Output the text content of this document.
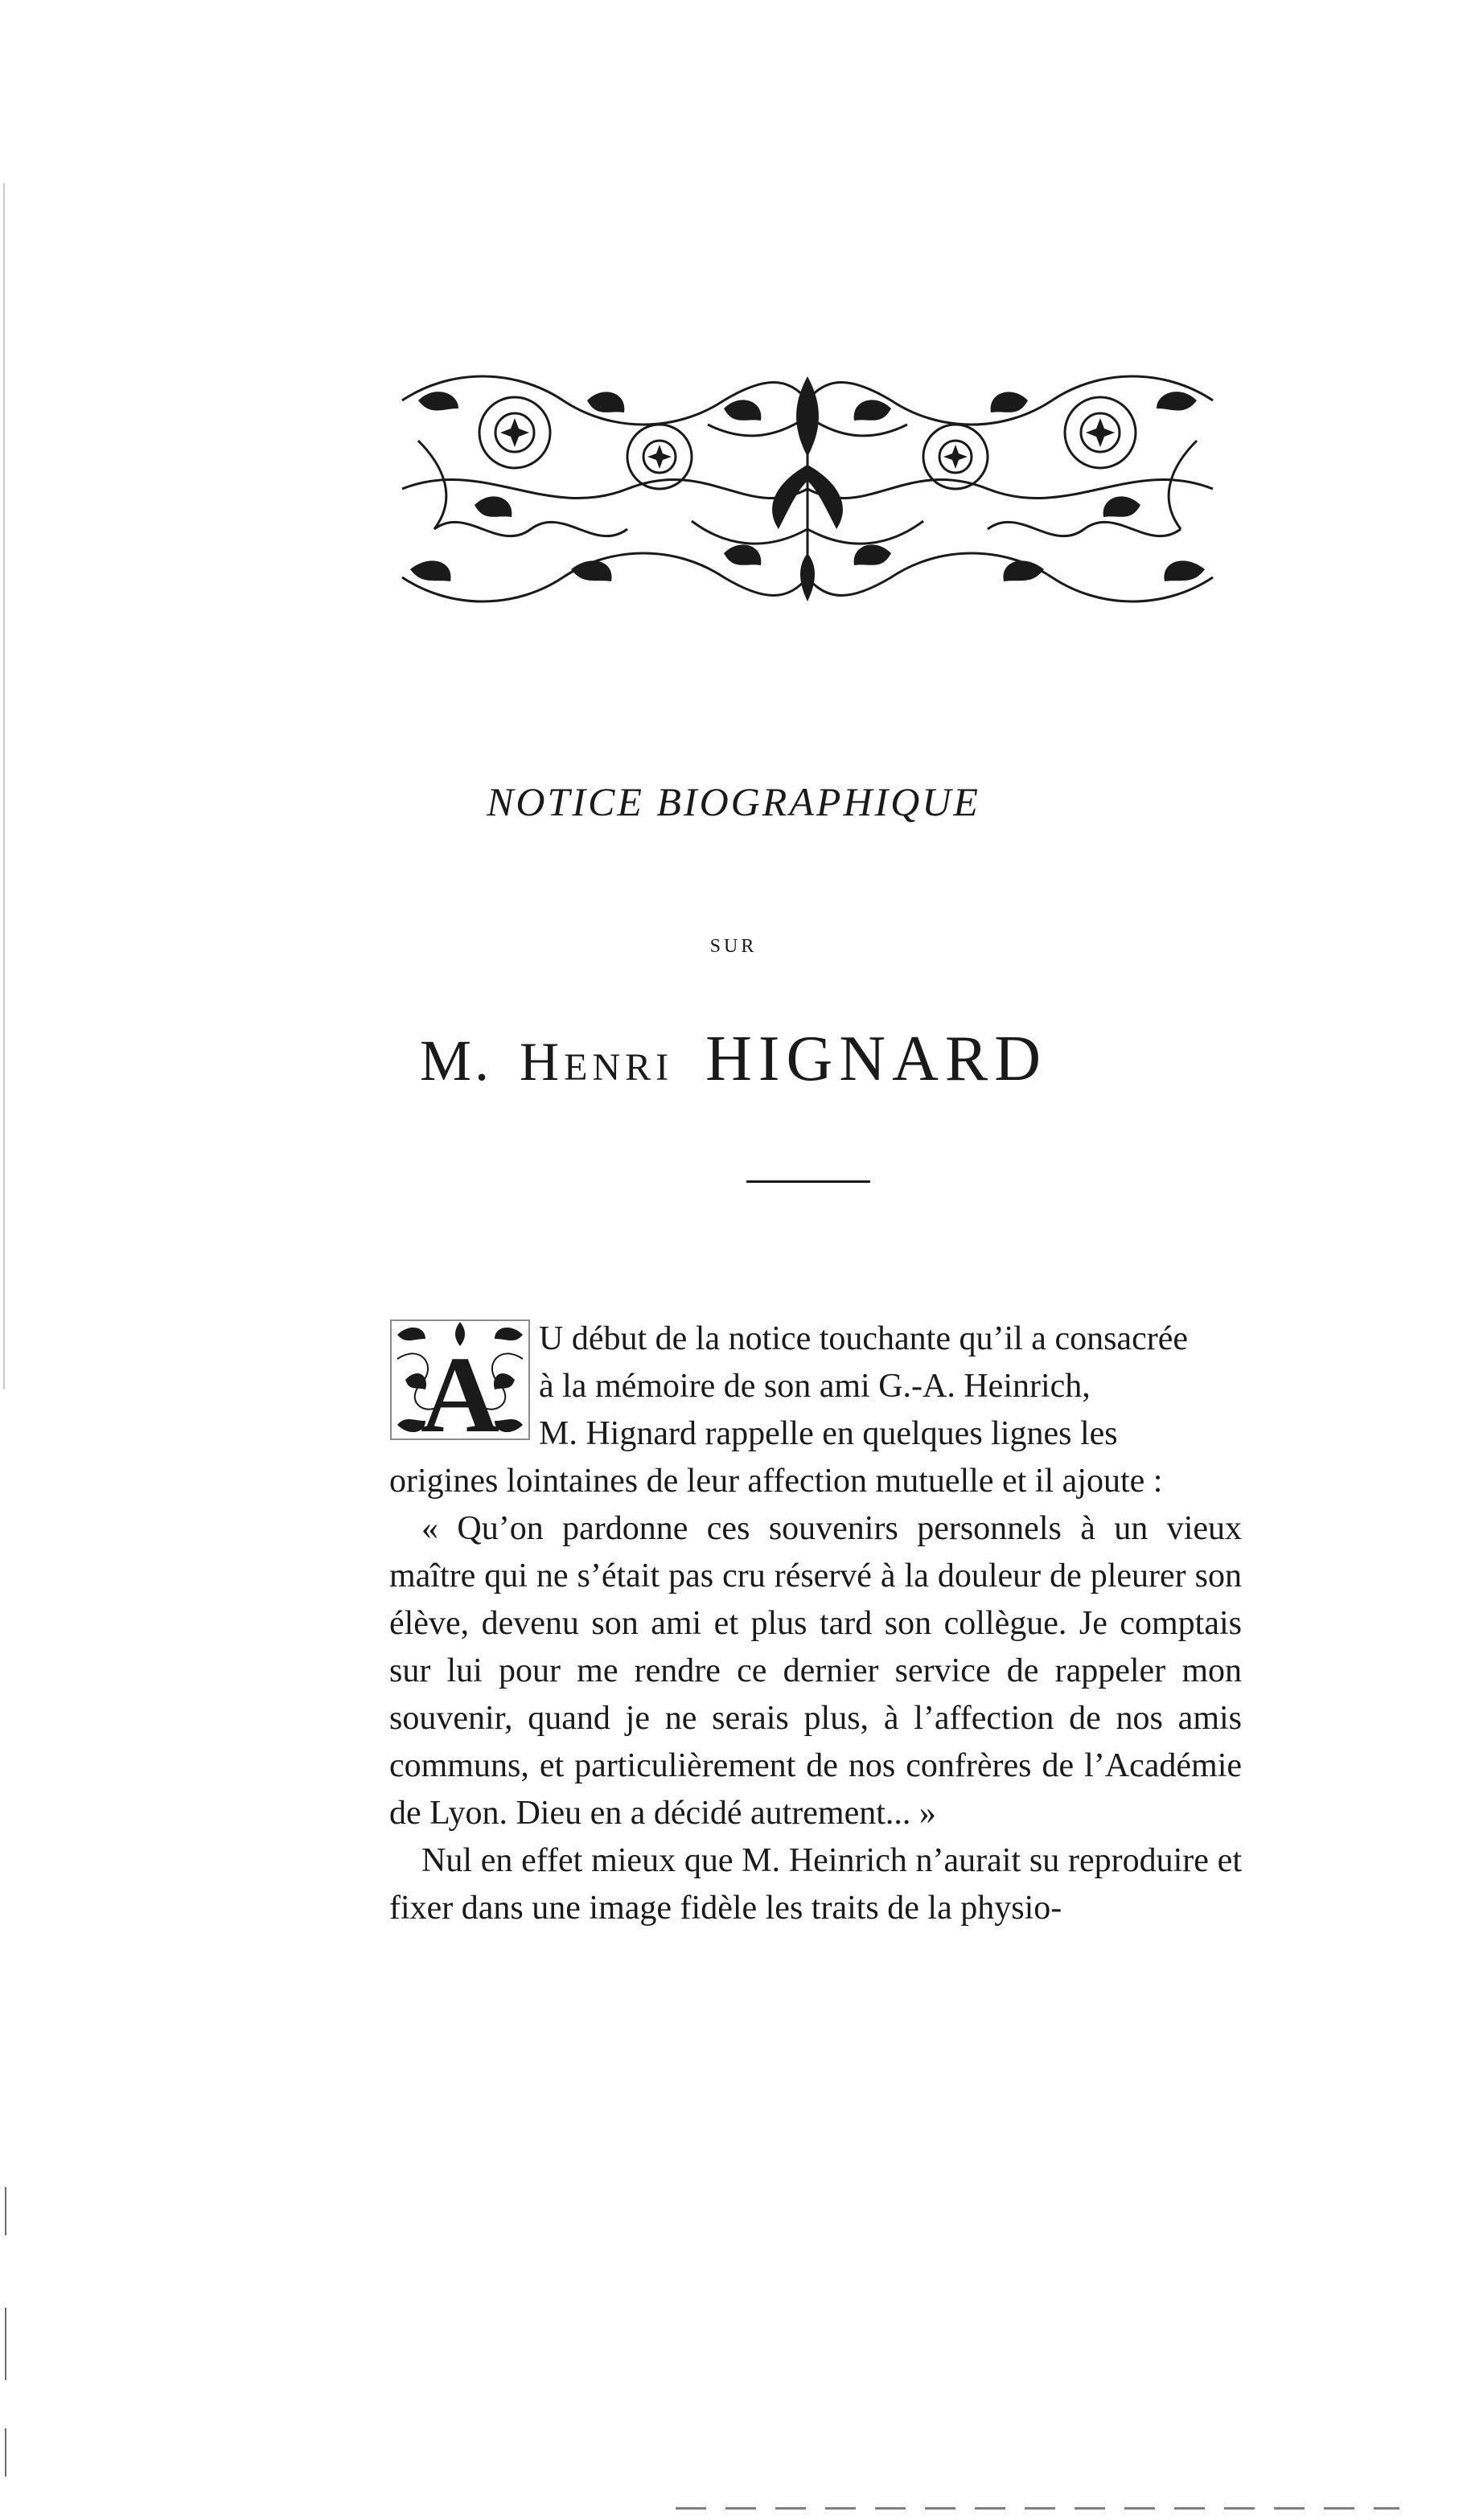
NOTICE BIOGRAPHIQUE
SUR
M. Henri HIGNARD
A U début de la notice touchante qu’il a consacrée

à la mémoire de son ami G.-A. Heinrich,

M. Hignard rappelle en quelques lignes les

origines lointaines de leur affection mutuelle et il ajoute :

« Qu’on pardonne ces souvenirs personnels à un vieux maître qui ne s’était pas cru réservé à la douleur de pleurer son élève, devenu son ami et plus tard son collègue. Je comptais sur lui pour me rendre ce dernier service de rappeler mon souvenir, quand je ne serais plus, à l’affection de nos amis communs, et particulièrement de nos confrères de l’Académie de Lyon. Dieu en a décidé autrement... »

Nul en effet mieux que M. Heinrich n’aurait su reproduire et fixer dans une image fidèle les traits de la physio-
